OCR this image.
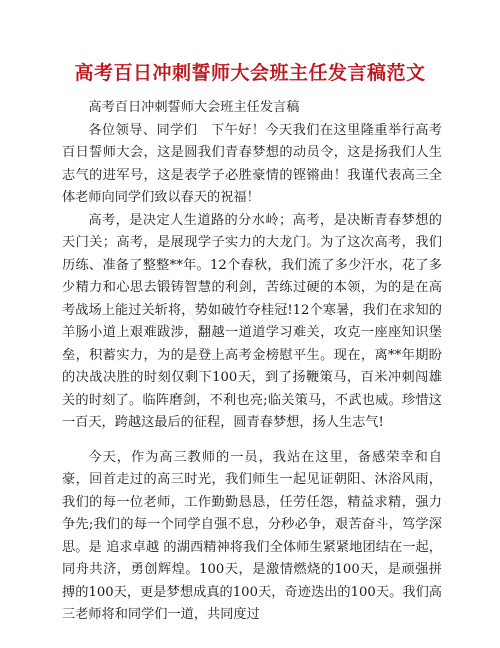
高考百日冲刺誓师大会班主任发言稿范文

高考百日冲刺誓师大会班主任发言稿

各位领导、同学们　下午好！今天我们在这里隆重举行高考百日誓师大会，这是圆我们青春梦想的动员令，这是扬我们人生志气的进军号，这是表学子必胜豪情的铿锵曲！我谨代表高三全体老师向同学们致以春天的祝福！

高考，是决定人生道路的分水岭；高考，是决断青春梦想的天门关；高考，是展现学子实力的大龙门。为了这次高考，我们历练、准备了整整**年。12个春秋，我们流了多少汗水，花了多少精力和心思去锻铸智慧的利剑，苦练过硬的本领，为的是在高考战场上能过关斩将，势如破竹夺桂冠!12个寒暑，我们在求知的羊肠小道上艰难跋涉，翻越一道道学习难关，攻克一座座知识堡垒，积蓄实力，为的是登上高考金榜慰平生。现在，离**年期盼的决战决胜的时刻仅剩下100天，到了扬鞭策马，百米冲刺闯雄关的时刻了。临阵磨剑，不利也亮;临关策马，不武也威。珍惜这一百天，跨越这最后的征程，圆青春梦想，扬人生志气!

今天，作为高三教师的一员，我站在这里，备感荣幸和自豪，回首走过的高三时光，我们师生一起见证朝阳、沐浴风雨，我们的每一位老师，工作勤勤恳恳，任劳任怨，精益求精，强力争先;我们的每一个同学自强不息，分秒必争，艰苦奋斗，笃学深思。是 追求卓越 的湖西精神将我们全体师生紧紧地团结在一起，同舟共济，勇创辉煌。100天，是激情燃烧的100天，是顽强拼搏的100天，更是梦想成真的100天，奇迹迭出的100天。我们高三老师将和同学们一道，共同度过
